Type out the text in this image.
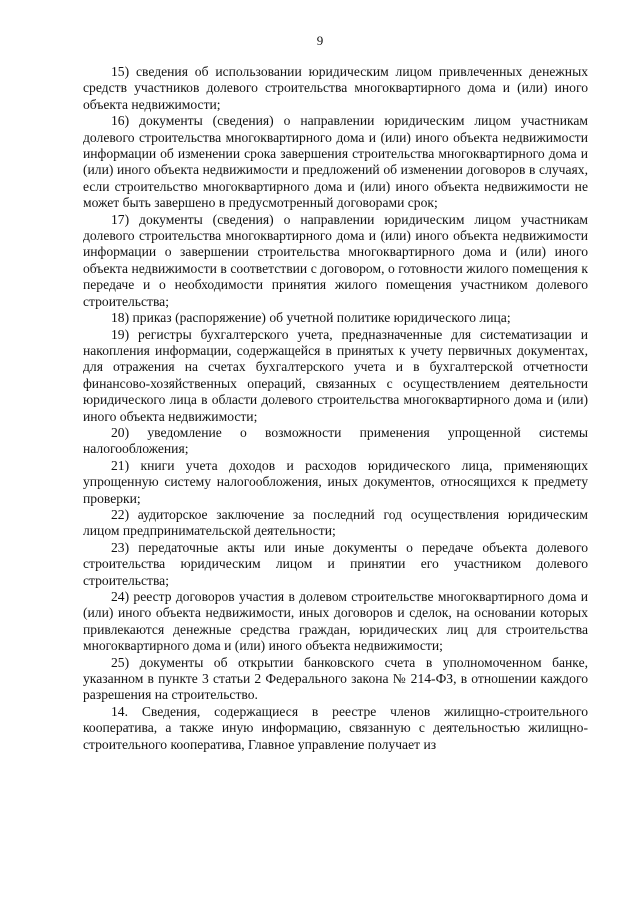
9

15) сведения об использовании юридическим лицом привлеченных денежных средств участников долевого строительства многоквартирного дома и (или) иного объекта недвижимости;

16) документы (сведения) о направлении юридическим лицом участникам долевого строительства многоквартирного дома и (или) иного объекта недвижимости информации об изменении срока завершения строительства многоквартирного дома и (или) иного объекта недвижимости и предложений об изменении договоров в случаях, если строительство многоквартирного дома и (или) иного объекта недвижимости не может быть завершено в предусмотренный договорами срок;

17) документы (сведения) о направлении юридическим лицом участникам долевого строительства многоквартирного дома и (или) иного объекта недвижимости информации о завершении строительства многоквартирного дома и (или) иного объекта недвижимости в соответствии с договором, о готовности жилого помещения к передаче и о необходимости принятия жилого помещения участником долевого строительства;

18) приказ (распоряжение) об учетной политике юридического лица;

19) регистры бухгалтерского учета, предназначенные для систематизации и накопления информации, содержащейся в принятых к учету первичных документах, для отражения на счетах бухгалтерского учета и в бухгалтерской отчетности финансово-хозяйственных операций, связанных с осуществлением деятельности юридического лица в области долевого строительства многоквартирного дома и (или) иного объекта недвижимости;

20) уведомление о возможности применения упрощенной системы налогообложения;

21) книги учета доходов и расходов юридического лица, применяющих упрощенную систему налогообложения, иных документов, относящихся к предмету проверки;

22) аудиторское заключение за последний год осуществления юридическим лицом предпринимательской деятельности;

23) передаточные акты или иные документы о передаче объекта долевого строительства юридическим лицом и принятии его участником долевого строительства;

24) реестр договоров участия в долевом строительстве многоквартирного дома и (или) иного объекта недвижимости, иных договоров и сделок, на основании которых привлекаются денежные средства граждан, юридических лиц для строительства многоквартирного дома и (или) иного объекта недвижимости;

25) документы об открытии банковского счета в уполномоченном банке, указанном в пункте 3 статьи 2 Федерального закона № 214-ФЗ, в отношении каждого разрешения на строительство.

14. Сведения, содержащиеся в реестре членов жилищно-строительного кооператива, а также иную информацию, связанную с деятельностью жилищно-строительного кооператива, Главное управление получает из
